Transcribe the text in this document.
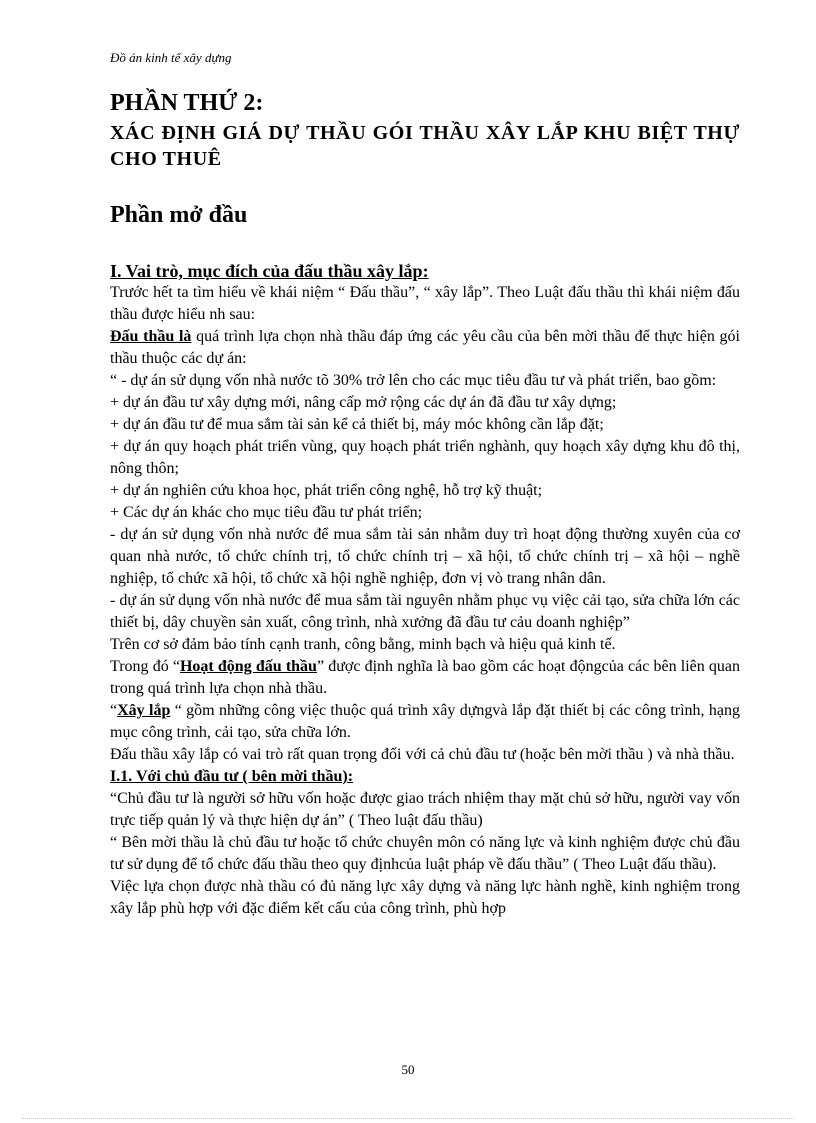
Đồ án kinh tế xây dựng
PHẦN THỨ 2:
XÁC ĐỊNH GIÁ DỰ THẦU GÓI THẦU XÂY LẮP KHU BIỆT THỰ CHO THUÊ
Phần mở đầu
I. Vai trò, mục đích của đấu thầu xây lắp:

Trước hết ta tìm hiểu về khái niệm “ Đấu thầu”, “ xây lắp”. Theo Luật đấu thầu thì khái niệm đấu thầu được hiểu nh sau:

Đấu thầu là quá trình lựa chọn nhà thầu đáp ứng các yêu cầu của bên mời thầu để thực hiện gói thầu thuộc các dự án:

“ - dự án sử dụng vốn nhà nước tõ 30% trở lên cho các mục tiêu đầu tư và phát triển, bao gồm:

+ dự án đầu tư xây dựng mới, nâng cấp mở rộng các dự án đã đầu tư xây dựng;

+ dự án đầu tư để mua sắm tài sản kể cả thiết bị, máy móc không cần lắp đặt;

+ dự án quy hoạch phát triển vùng, quy hoạch phát triển nghành, quy hoạch xây dựng khu đô thị, nông thôn;

+ dự án nghiên cứu khoa học, phát triển công nghệ, hỗ trợ kỹ thuật;

+ Các dự án khác cho mục tiêu đầu tư phát triển;

- dự án sử dụng vốn nhà nước để mua sắm tài sản nhằm duy trì hoạt động thường xuyên của cơ quan nhà nước, tổ chức chính trị, tổ chức chính trị – xã hội, tổ chức chính trị – xã hội – nghề nghiệp, tổ chức xã hội, tổ chức xã hội nghề nghiệp, đơn vị vò trang nhân dân.

- dự án sử dụng vốn nhà nước để mua sắm tài nguyên nhằm phục vụ việc cải tạo, sửa chữa lớn các thiết bị, dây chuyền sản xuất, công trình, nhà xưởng đã đầu tư cảu doanh nghiệp”

Trên cơ sở đảm bảo tính cạnh tranh, công bằng, minh bạch và hiệu quả kinh tế.

Trong đó “Hoạt động đấu thầu” được định nghĩa là bao gồm các hoạt độngcủa các bên liên quan trong quá trình lựa chọn nhà thầu.

“Xây lắp “ gồm những công việc thuộc quá trình xây dựngvà lắp đặt thiết bị các công trình, hạng mục công trình, cải tạo, sửa chữa lớn.

Đấu thầu xây lắp có vai trò rất quan trọng đối với cả chủ đầu tư (hoặc bên mời thầu ) và nhà thầu.

I.1. Với chủ đầu tư ( bên mời thầu):

“Chủ đầu tư là người sở hữu vốn hoặc được giao trách nhiệm thay mặt chủ sở hữu, người vay vốn trực tiếp quản lý và thực hiện dự án” ( Theo luật đấu thầu)

“ Bên mời thầu là chủ đầu tư hoặc tổ chức chuyên môn có năng lực và kinh nghiệm được chủ đầu tư sử dụng để tổ chức đấu thầu theo quy địnhcủa luật pháp về đấu thầu” ( Theo Luật đấu thầu).

Việc lựa chọn được nhà thầu có đủ năng lực xây dựng và năng lực hành nghề, kinh nghiệm trong xây lắp phù hợp với đặc điểm kết cấu của công trình, phù hợp

50
